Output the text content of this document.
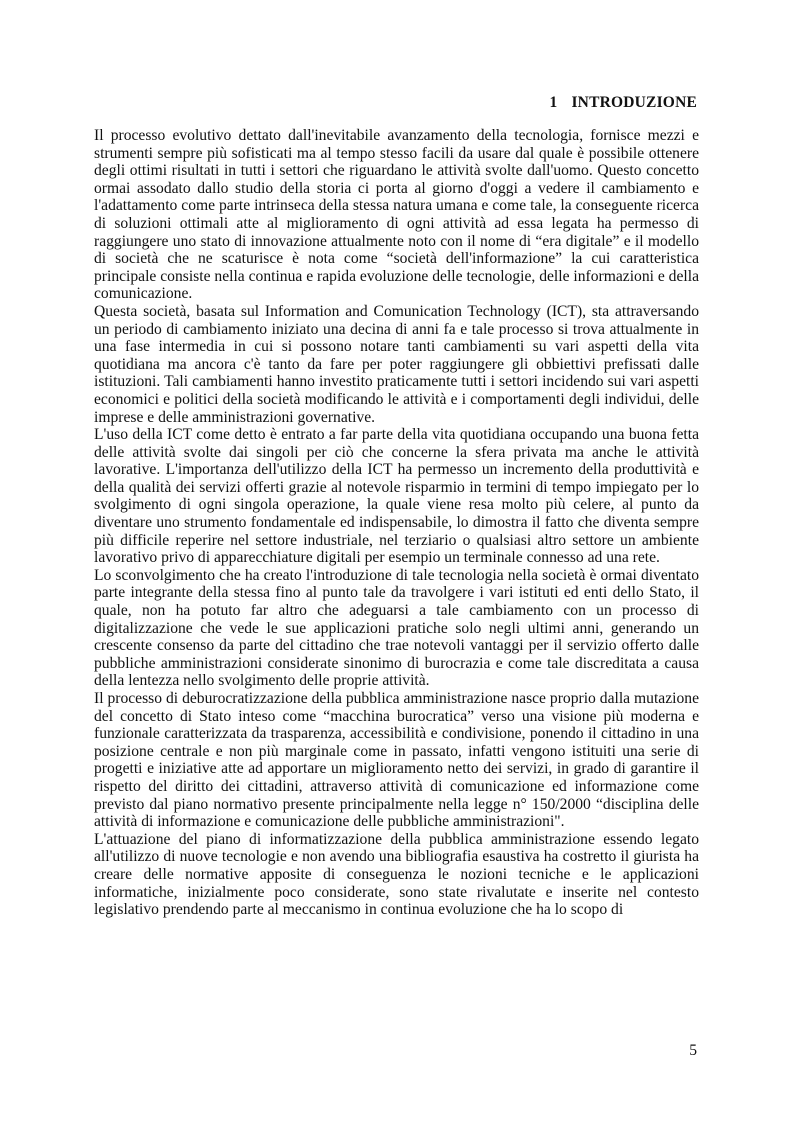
1 INTRODUZIONE

Il processo evolutivo dettato dall'inevitabile avanzamento della tecnologia, fornisce mezzi e strumenti sempre più sofisticati ma al tempo stesso facili da usare dal quale è possibile ottenere degli ottimi risultati in tutti i settori che riguardano le attività svolte dall'uomo. Questo concetto ormai assodato dallo studio della storia ci porta al giorno d'oggi a vedere il cambiamento e l'adattamento come parte intrinseca della stessa natura umana e come tale, la conseguente ricerca di soluzioni ottimali atte al miglioramento di ogni attività ad essa legata ha permesso di raggiungere uno stato di innovazione attualmente noto con il nome di “era digitale” e il modello di società che ne scaturisce è nota come “società dell'informazione” la cui caratteristica principale consiste nella continua e rapida evoluzione delle tecnologie, delle informazioni e della comunicazione.

Questa società, basata sul Information and Comunication Technology (ICT), sta attraversando un periodo di cambiamento iniziato una decina di anni fa e tale processo si trova attualmente in una fase intermedia in cui si possono notare tanti cambiamenti su vari aspetti della vita quotidiana ma ancora c'è tanto da fare per poter raggiungere gli obbiettivi prefissati dalle istituzioni. Tali cambiamenti hanno investito praticamente tutti i settori incidendo sui vari aspetti economici e politici della società modificando le attività e i comportamenti degli individui, delle imprese e delle amministrazioni governative.

L'uso della ICT come detto è entrato a far parte della vita quotidiana occupando una buona fetta delle attività svolte dai singoli per ciò che concerne la sfera privata ma anche le attività lavorative. L'importanza dell'utilizzo della ICT ha permesso un incremento della produttività e della qualità dei servizi offerti grazie al notevole risparmio in termini di tempo impiegato per lo svolgimento di ogni singola operazione, la quale viene resa molto più celere, al punto da diventare uno strumento fondamentale ed indispensabile, lo dimostra il fatto che diventa sempre più difficile reperire nel settore industriale, nel terziario o qualsiasi altro settore un ambiente lavorativo privo di apparecchiature digitali per esempio un terminale connesso ad una rete.

Lo sconvolgimento che ha creato l'introduzione di tale tecnologia nella società è ormai diventato parte integrante della stessa fino al punto tale da travolgere i vari istituti ed enti dello Stato, il quale, non ha potuto far altro che adeguarsi a tale cambiamento con un processo di digitalizzazione che vede le sue applicazioni pratiche solo negli ultimi anni, generando un crescente consenso da parte del cittadino che trae notevoli vantaggi per il servizio offerto dalle pubbliche amministrazioni considerate sinonimo di burocrazia e come tale discreditata a causa della lentezza nello svolgimento delle proprie attività.

Il processo di deburocratizzazione della pubblica amministrazione nasce proprio dalla mutazione del concetto di Stato inteso come “macchina burocratica” verso una visione più moderna e funzionale caratterizzata da trasparenza, accessibilità e condivisione, ponendo il cittadino in una posizione centrale e non più marginale come in passato, infatti vengono istituiti una serie di progetti e iniziative atte ad apportare un miglioramento netto dei servizi, in grado di garantire il rispetto del diritto dei cittadini, attraverso attività di comunicazione ed informazione come previsto dal piano normativo presente principalmente nella legge n° 150/2000 “disciplina delle attività di informazione e comunicazione delle pubbliche amministrazioni".

L'attuazione del piano di informatizzazione della pubblica amministrazione essendo legato all'utilizzo di nuove tecnologie e non avendo una bibliografia esaustiva ha costretto il giurista ha creare delle normative apposite di conseguenza le nozioni tecniche e le applicazioni informatiche, inizialmente poco considerate, sono state rivalutate e inserite nel contesto legislativo prendendo parte al meccanismo in continua evoluzione che ha lo scopo di

5
